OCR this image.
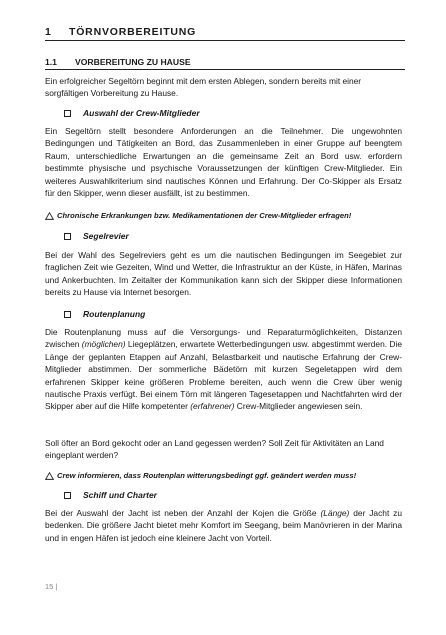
1	TÖRNVORBEREITUNG
1.1	VORBEREITUNG ZU HAUSE

Ein erfolgreicher Segeltörn beginnt mit dem ersten Ablegen, sondern bereits mit einer sorgfältigen Vorbereitung zu Hause.

Auswahl der Crew-Mitglieder

Ein Segeltörn stellt besondere Anforderungen an die Teilnehmer. Die ungewohnten Bedingungen und Tätigkeiten an Bord, das Zusammenleben in einer Gruppe auf beengtem Raum, unterschiedliche Erwartungen an die gemeinsame Zeit an Bord usw. erfordern bestimmte physische und psychische Voraussetzungen der künftigen Crew-Mitglieder. Ein weiteres Auswahlkriterium sind nautisches Können und Erfahrung. Der Co-Skipper als Ersatz für den Skipper, wenn dieser ausfällt, ist zu bestimmen.

Chronische Erkrankungen bzw. Medikamentationen der Crew-Mitglieder erfragen!
Segelrevier

Bei der Wahl des Segelreviers geht es um die nautischen Bedingungen im Seegebiet zur fraglichen Zeit wie Gezeiten, Wind und Wetter, die Infrastruktur an der Küste, in Häfen, Marinas und Ankerbuchten. Im Zeitalter der Kommunikation kann sich der Skipper diese Informationen bereits zu Hause via Internet besorgen.

Routenplanung

Die Routenplanung muss auf die Versorgungs- und Reparaturmöglichkeiten, Distanzen zwischen (möglichen) Liegeplätzen, erwartete Wetterbedingungen usw. abgestimmt werden. Die Länge der geplanten Etappen auf Anzahl, Belastbarkeit und nautische Erfahrung der Crew-Mitglieder abstimmen. Der sommerliche Bädetörn mit kurzen Segeletappen wird dem erfahrenen Skipper keine größeren Probleme bereiten, auch wenn die Crew über wenig nautische Praxis verfügt. Bei einem Törn mit längeren Tagesetappen und Nachtfahrten wird der Skipper aber auf die Hilfe kompetenter (erfahrener) Crew-Mitglieder angewiesen sein.

Soll öfter an Bord gekocht oder an Land gegessen werden? Soll Zeit für Aktivitäten an Land eingeplant werden?

Crew informieren, dass Routenplan witterungsbedingt ggf. geändert werden muss!
Schiff und Charter

Bei der Auswahl der Jacht ist neben der Anzahl der Kojen die Größe (Länge) der Jacht zu bedenken. Die größere Jacht bietet mehr Komfort im Seegang, beim Manövrieren in der Marina und in engen Häfen ist jedoch eine kleinere Jacht von Vorteil.

15 |
